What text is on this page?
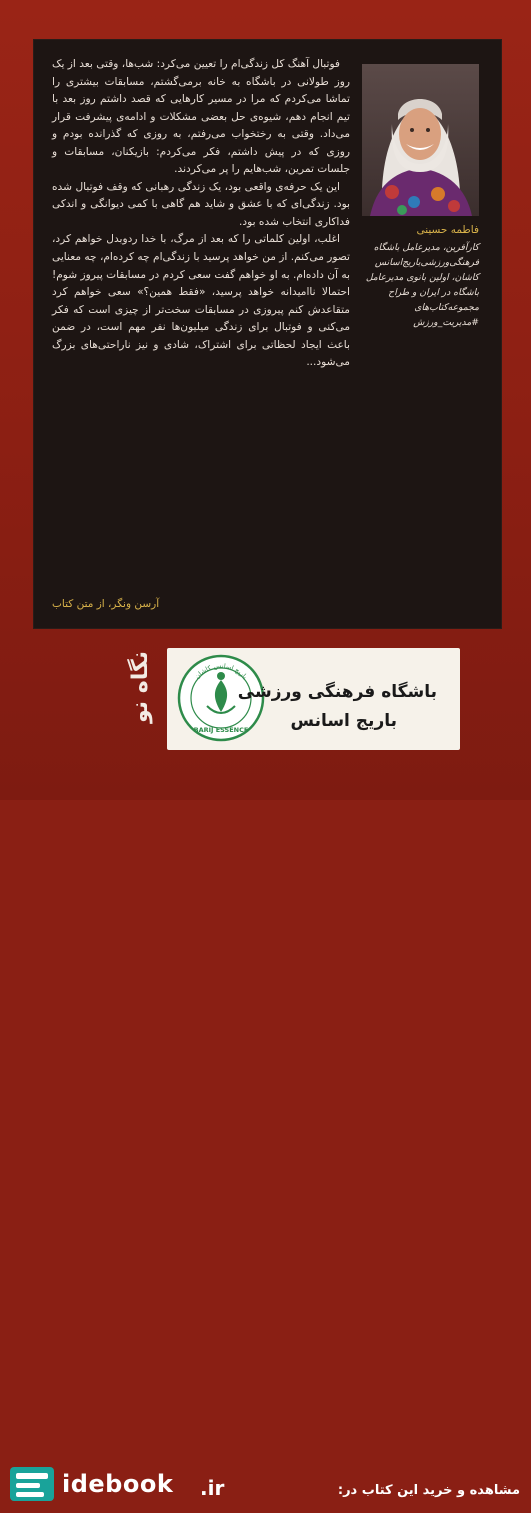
فوتبال آهنگ کل زندگی‌ام را تعیین می‌کرد: شب‌ها، وقتی بعد از یک روز طولانی در باشگاه به خانه برمی‌گشتم، مسابقات بیشتری را تماشا می‌کردم که مرا در مسیر کارهایی که قصد داشتم روز بعد با تیم انجام دهم، شیوه‌ی حل بعضی مشکلات و ادامه‌ی پیشرفت قرار می‌داد. وقتی به رختخواب می‌رفتم، به روزی که گذرانده بودم و روزی که در پیش داشتم، فکر می‌کردم: بازیکنان، مسابقات و جلسات تمرین، شب‌هایم را پر می‌کردند.

این یک حرفه‌ی واقعی بود، یک زندگی رهبانی که وقف فوتبال شده بود. زندگی‌ای که با عشق و شاید هم گاهی با کمی دیوانگی و اندکی فداکاری انتخاب شده بود.

اغلب، اولین کلماتی را که بعد از مرگ، با خدا ردوبدل خواهم کرد، تصور می‌کنم. از من خواهد پرسید با زندگی‌ام چه کرده‌ام، چه معنایی به آن داده‌ام. به او خواهم گفت سعی کردم در مسابقات پیروز شوم! احتمالا ناامیدانه خواهد پرسید، «فقط همین؟» سعی خواهم کرد متقاعدش کنم پیروزی در مسابقات سخت‌تر از چیزی است که فکر می‌کنی و فوتبال برای زندگی میلیون‌ها نفر مهم است، در ضمن باعث ایجاد لحظاتی برای اشتراک، شادی و نیز ناراحتی‌های بزرگ می‌شود...

آرسن ونگر، از متن کتاب
فاطمه حسینی
کارآفرین، مدیرعامل باشگاه فرهنگی‌ورزشی‌باریج‌اسانس کاشان، اولین بانوی مدیرعامل باشگاه در ایران و طراح مجموعه‌کتاب‌های #مدیریت_ورزش
نگاه نو	باریج اسانس کاشان
BARIJ ESSENCE
باشگاه فرهنگی ورزشی
باریج اسانس
idebook .ir	مشاهده و خرید این کتاب در:
